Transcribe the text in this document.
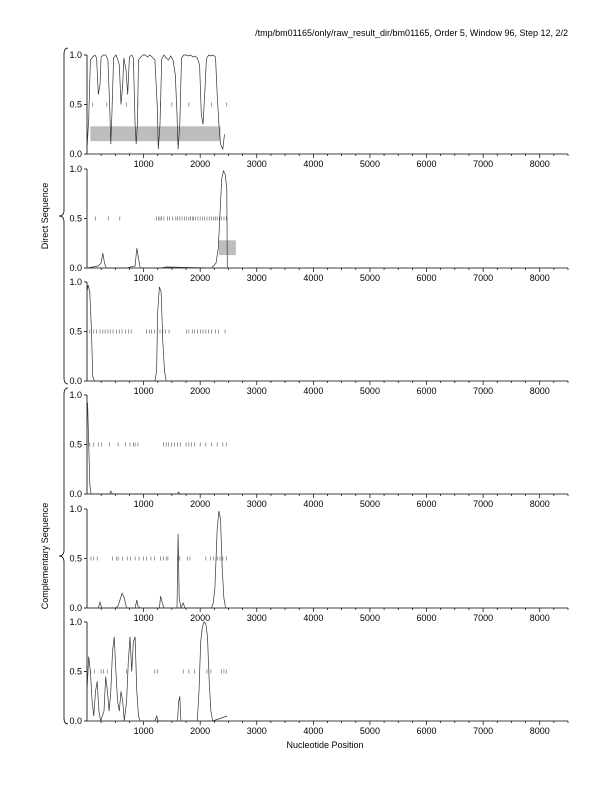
/tmp/bm01165/only/raw_result_dir/bm01165, Order 5, Window 96, Step 12, 2/2
0.0
0.5
1.0
1000	2000	3000	4000	5000	6000	7000	8000
0.0
0.5
1.0
1000	2000	3000	4000	5000	6000	7000	8000
0.0
0.5
1.0
1000	2000	3000	4000	5000	6000	7000	8000
0.0
0.5
1.0
1000	2000	3000	4000	5000	6000	7000	8000
0.0
0.5
1.0
1000	2000	3000	4000	5000	6000	7000	8000
0.0
0.5
1.0
1000	2000	3000	4000	5000	6000	7000	8000
Direct Sequence
Complementary Sequence
Nucleotide Position
